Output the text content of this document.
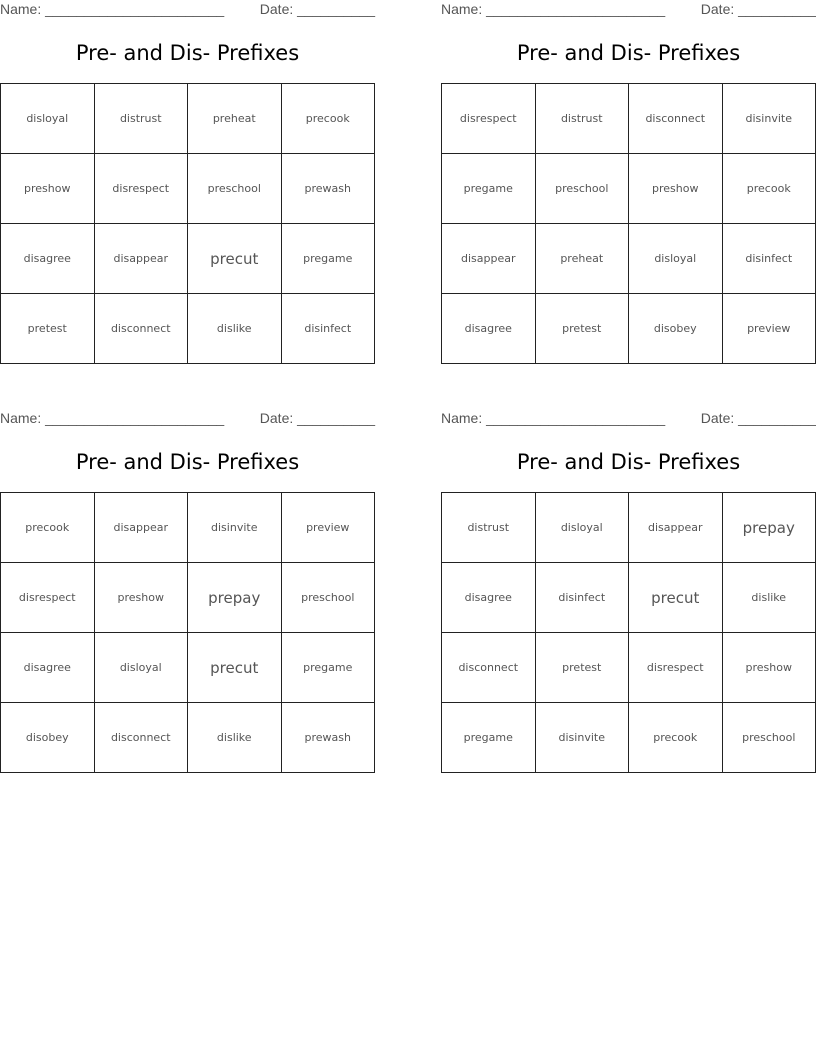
Name: _______________________	Date: __________
Pre- and Dis- Prefixes
disloyal	distrust	preheat	precook
preshow	disrespect	preschool	prewash
disagree	disappear	precut	pregame
pretest	disconnect	dislike	disinfect
Name: _______________________	Date: __________
Pre- and Dis- Prefixes
disrespect	distrust	disconnect	disinvite
pregame	preschool	preshow	precook
disappear	preheat	disloyal	disinfect
disagree	pretest	disobey	preview
Name: _______________________	Date: __________
Pre- and Dis- Prefixes
precook	disappear	disinvite	preview
disrespect	preshow	prepay	preschool
disagree	disloyal	precut	pregame
disobey	disconnect	dislike	prewash
Name: _______________________	Date: __________
Pre- and Dis- Prefixes
distrust	disloyal	disappear	prepay
disagree	disinfect	precut	dislike
disconnect	pretest	disrespect	preshow
pregame	disinvite	precook	preschool
